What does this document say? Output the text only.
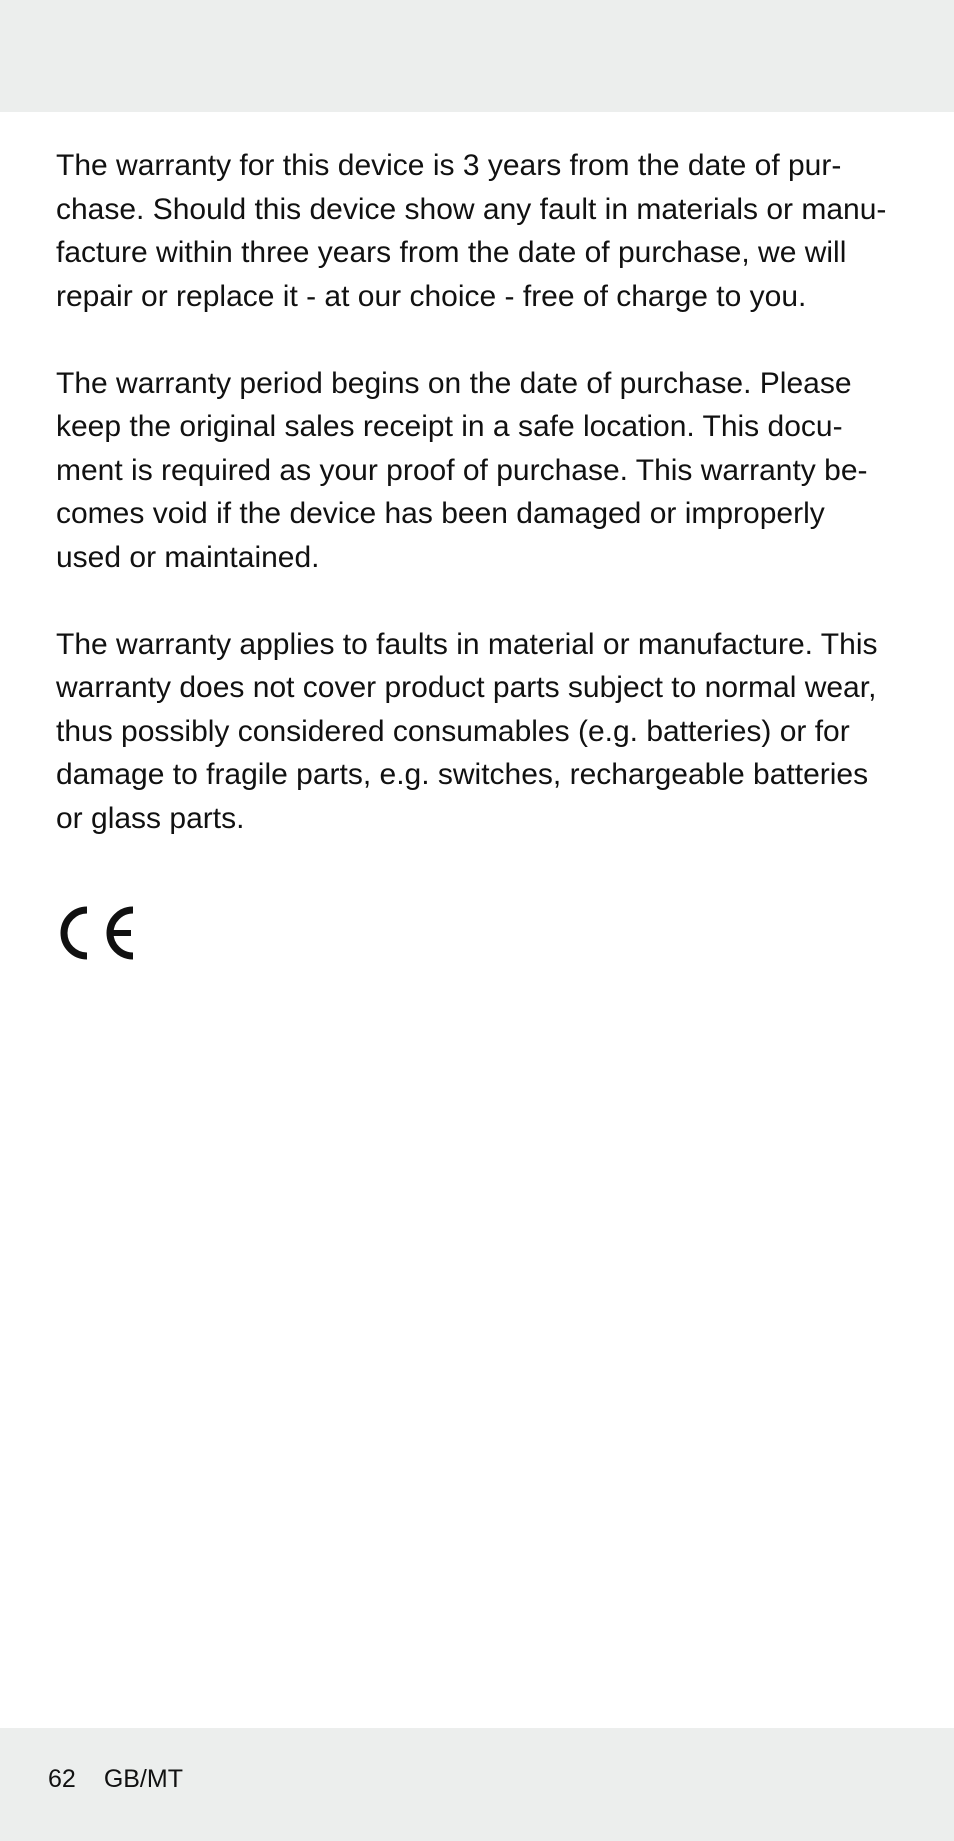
The warranty for this device is 3 years from the date of pur-
chase. Should this device show any fault in materials or manu-
facture within three years from the date of purchase, we will
repair or replace it - at our choice - free of charge to you.

The warranty period begins on the date of purchase. Please
keep the original sales receipt in a safe location. This docu-
ment is required as your proof of purchase. This warranty be-
comes void if the device has been damaged or improperly
used or maintained.

The warranty applies to faults in material or manufacture. This
warranty does not cover product parts subject to normal wear,
thus possibly considered consumables (e.g. batteries) or for
damage to fragile parts, e.g. switches, rechargeable batteries
or glass parts.

62 GB/MT
